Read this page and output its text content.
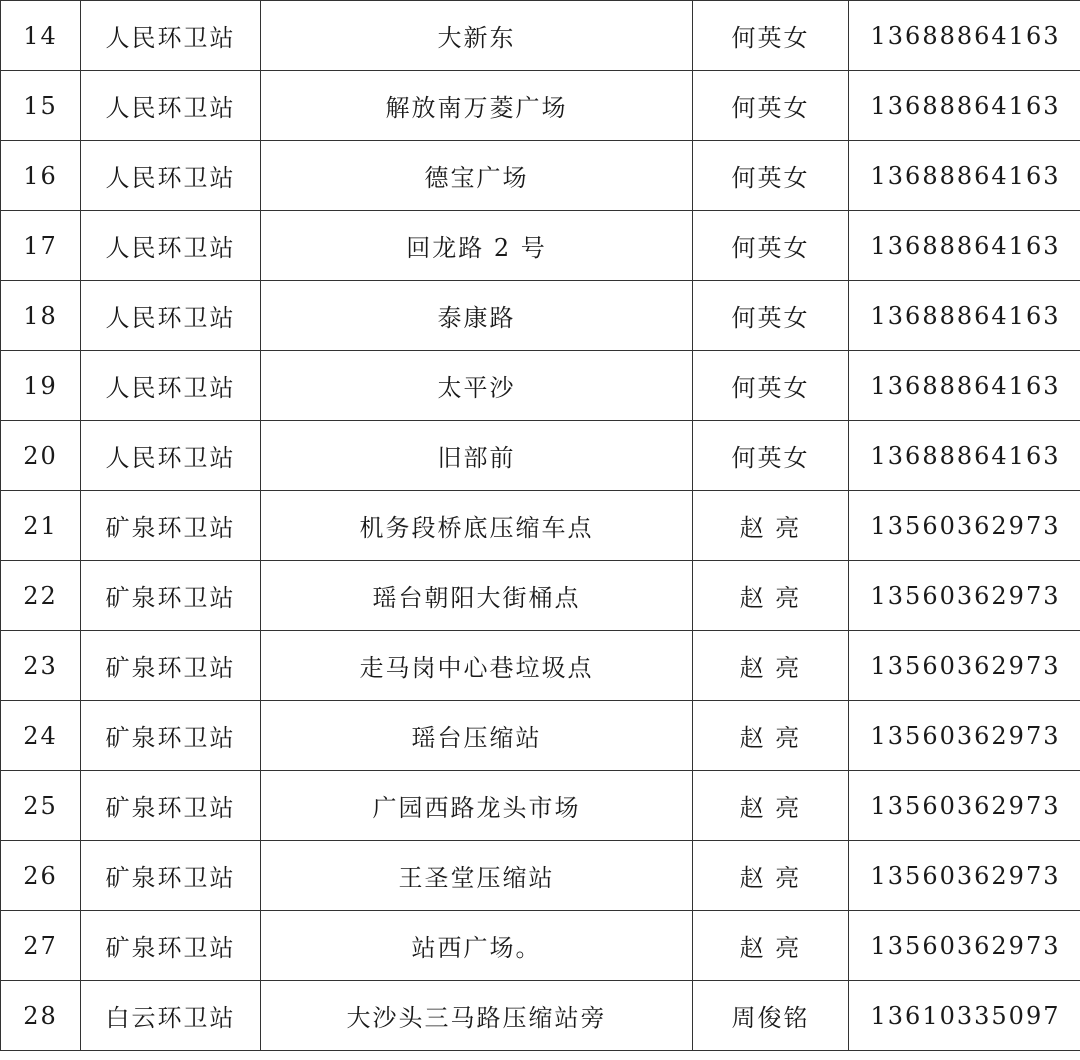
14	人民环卫站	大新东	何英女	13688864163
15	人民环卫站	解放南万菱广场	何英女	13688864163
16	人民环卫站	德宝广场	何英女	13688864163
17	人民环卫站	回龙路 2 号	何英女	13688864163
18	人民环卫站	泰康路	何英女	13688864163
19	人民环卫站	太平沙	何英女	13688864163
20	人民环卫站	旧部前	何英女	13688864163
21	矿泉环卫站	机务段桥底压缩车点	赵 亮	13560362973
22	矿泉环卫站	瑶台朝阳大街桶点	赵 亮	13560362973
23	矿泉环卫站	走马岗中心巷垃圾点	赵 亮	13560362973
24	矿泉环卫站	瑶台压缩站	赵 亮	13560362973
25	矿泉环卫站	广园西路龙头市场	赵 亮	13560362973
26	矿泉环卫站	王圣堂压缩站	赵 亮	13560362973
27	矿泉环卫站	站西广场。	赵 亮	13560362973
28	白云环卫站	大沙头三马路压缩站旁	周俊铭	13610335097
